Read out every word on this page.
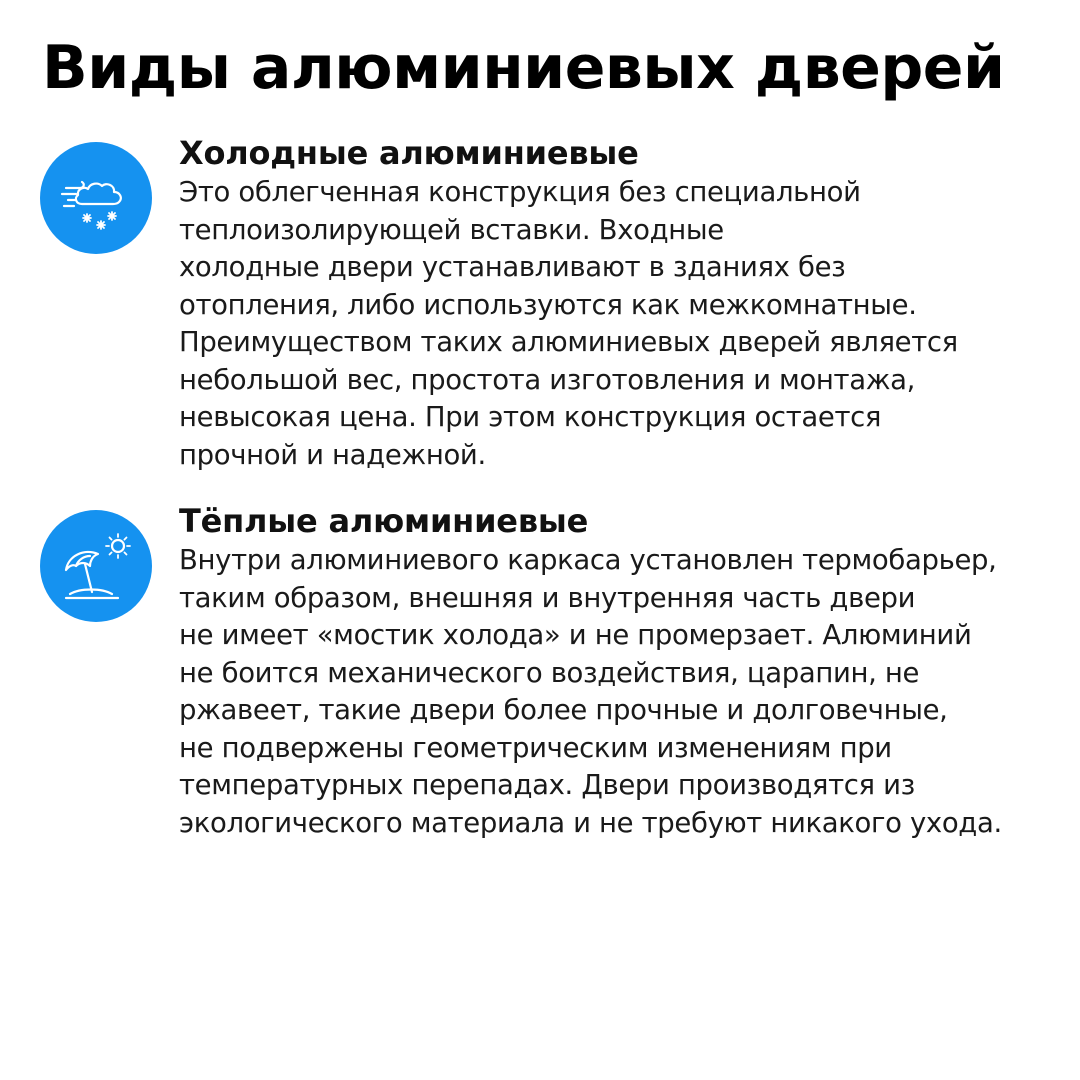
Виды алюминиевых дверей
Холодные алюминиевые

Это облегченная конструкция без специальной
теплоизолирующей вставки. Входные
холодные двери устанавливают в зданиях без
отопления, либо используются как межкомнатные.
Преимуществом таких алюминиевых дверей является
небольшой вес, простота изготовления и монтажа,
невысокая цена. При этом конструкция остается
прочной и надежной.

Тёплые алюминиевые

Внутри алюминиевого каркаса установлен термобарьер,
таким образом, внешняя и внутренняя часть двери
не имеет «мостик холода» и не промерзает. Алюминий
не боится механического воздействия, царапин, не
ржавеет, такие двери более прочные и долговечные,
не подвержены геометрическим изменениям при
температурных перепадах. Двери производятся из
экологического материала и не требуют никакого ухода.
